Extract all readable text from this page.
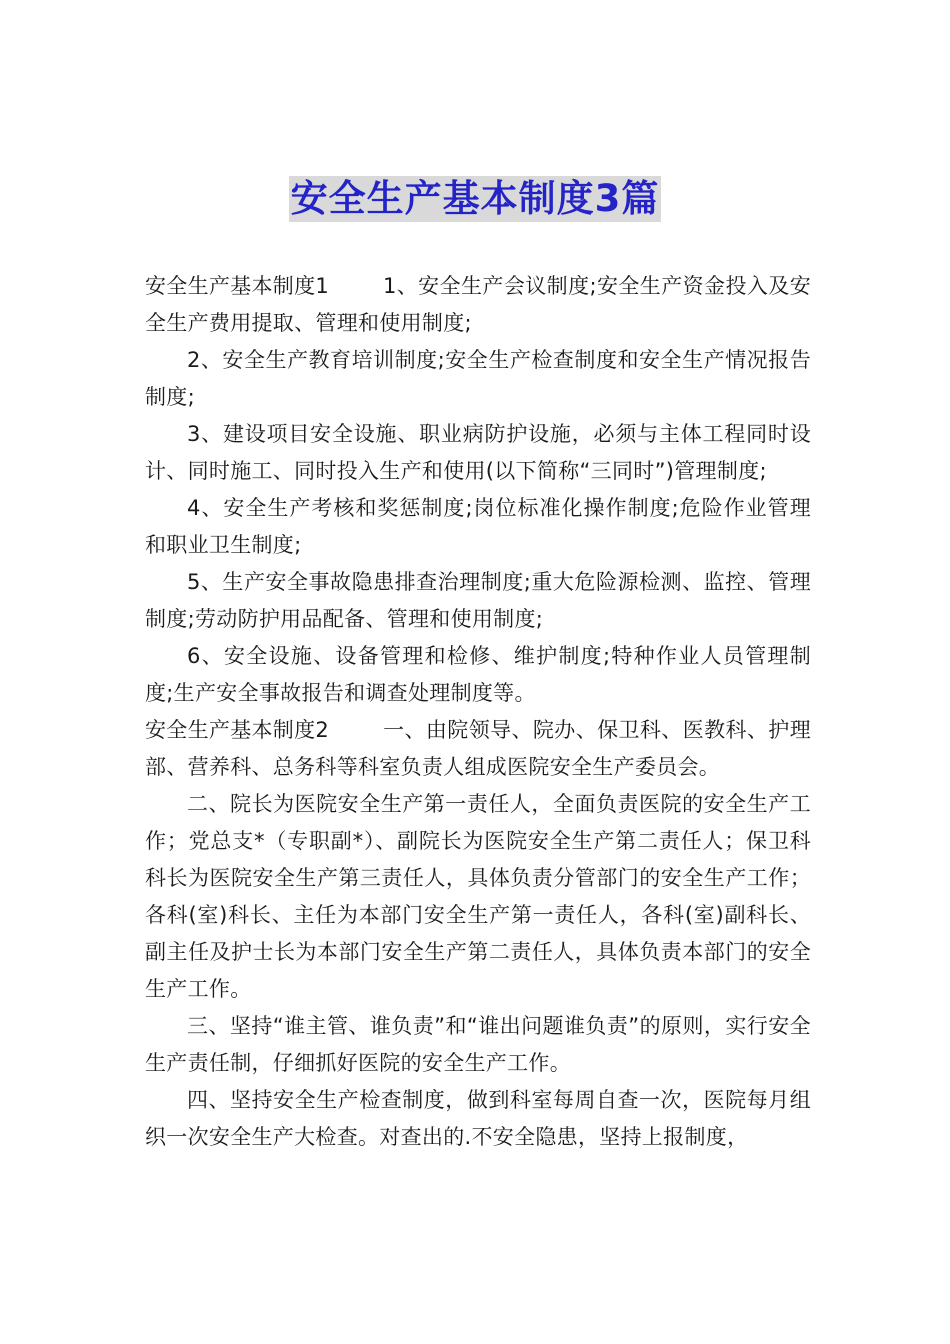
安全生产基本制度3篇

安全生产基本制度1	1、安全生产会议制度;安全生产资金投入及安全生产费用提取、管理和使用制度;

2、安全生产教育培训制度;安全生产检查制度和安全生产情况报告制度;

3、建设项目安全设施、职业病防护设施，必须与主体工程同时设计、同时施工、同时投入生产和使用(以下简称“三同时”)管理制度;

4、安全生产考核和奖惩制度;岗位标准化操作制度;危险作业管理和职业卫生制度;

5、生产安全事故隐患排查治理制度;重大危险源检测、监控、管理制度;劳动防护用品配备、管理和使用制度;

6、安全设施、设备管理和检修、维护制度;特种作业人员管理制度;生产安全事故报告和调查处理制度等。

安全生产基本制度2	一、由院领导、院办、保卫科、医教科、护理部、营养科、总务科等科室负责人组成医院安全生产委员会。

二、院长为医院安全生产第一责任人，全面负责医院的安全生产工作；党总支*（专职副*）、副院长为医院安全生产第二责任人；保卫科科长为医院安全生产第三责任人，具体负责分管部门的安全生产工作；各科(室)科长、主任为本部门安全生产第一责任人，各科(室)副科长、副主任及护士长为本部门安全生产第二责任人，具体负责本部门的安全生产工作。

三、坚持“谁主管、谁负责”和“谁出问题谁负责”的原则，实行安全生产责任制，仔细抓好医院的安全生产工作。

四、坚持安全生产检查制度，做到科室每周自查一次，医院每月组织一次安全生产大检查。对查出的.不安全隐患，坚持上报制度，
